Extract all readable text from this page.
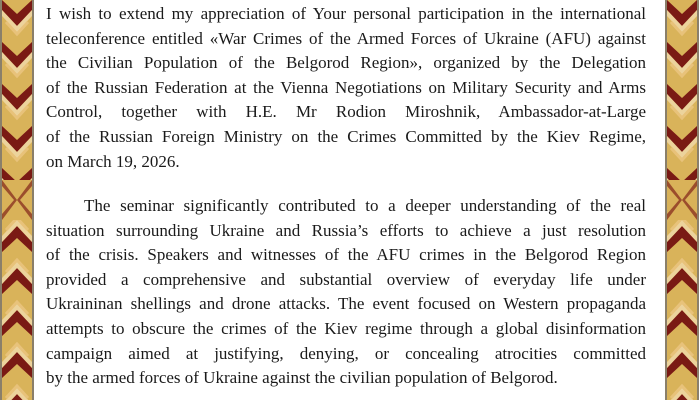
I wish to extend my appreciation of Your personal participation in the international
teleconference entitled «War Crimes of the Armed Forces of Ukraine (AFU) against
the Civilian Population of the Belgorod Region», organized by the Delegation
of the Russian Federation at the Vienna Negotiations on Military Security and Arms
Control, together with H.E. Mr Rodion Miroshnik, Ambassador-at-Large
of the Russian Foreign Ministry on the Crimes Committed by the Kiev Regime,
on March 19, 2026.

The seminar significantly contributed to a deeper understanding of the real
situation surrounding Ukraine and Russia’s efforts to achieve a just resolution
of the crisis. Speakers and witnesses of the AFU crimes in the Belgorod Region
provided a comprehensive and substantial overview of everyday life under
Ukraininan shellings and drone attacks. The event focused on Western propaganda
attempts to obscure the crimes of the Kiev regime through a global disinformation
campaign aimed at justifying, denying, or concealing atrocities committed
by the armed forces of Ukraine against the civilian population of Belgorod.
